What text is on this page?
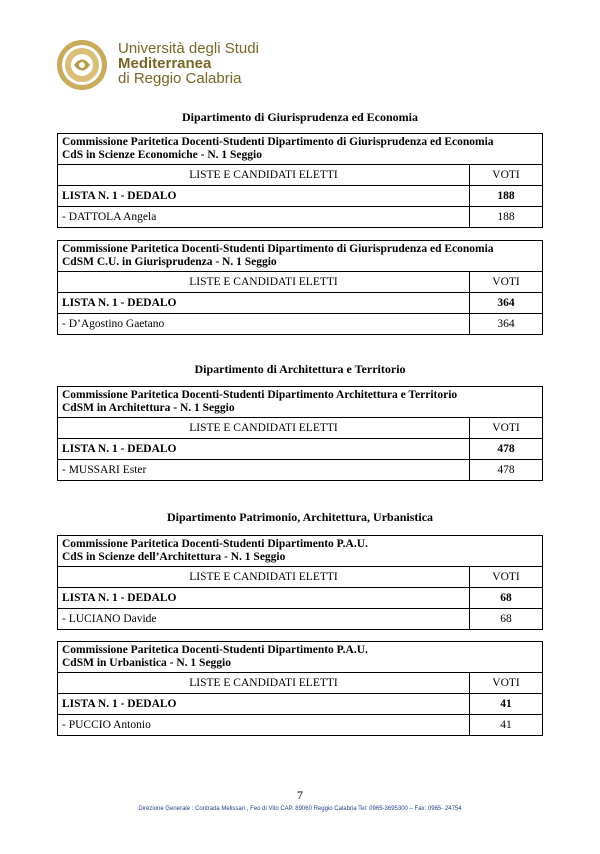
Università degli Studi
Mediterranea
di Reggio Calabria
Dipartimento di Giurisprudenza ed Economia
Commissione Paritetica Docenti-Studenti Dipartimento di Giurisprudenza ed Economia
CdS in Scienze Economiche - N. 1 Seggio	

LISTE E CANDIDATI ELETTI	VOTI
LISTA N. 1 - DEDALO	188
- DATTOLA Angela	188
Commissione Paritetica Docenti-Studenti Dipartimento di Giurisprudenza ed Economia
CdSM C.U. in Giurisprudenza - N. 1 Seggio	

LISTE E CANDIDATI ELETTI	VOTI
LISTA N. 1 - DEDALO	364
- D’Agostino Gaetano	364
Dipartimento di Architettura e Territorio
Commissione Paritetica Docenti-Studenti Dipartimento Architettura e Territorio
CdSM in Architettura - N. 1 Seggio	

LISTE E CANDIDATI ELETTI	VOTI
LISTA N. 1 - DEDALO	478
- MUSSARI Ester	478
Dipartimento Patrimonio, Architettura, Urbanistica
Commissione Paritetica Docenti-Studenti Dipartimento P.A.U.
CdS in Scienze dell’Architettura - N. 1 Seggio	

LISTE E CANDIDATI ELETTI	VOTI
LISTA N. 1 - DEDALO	68
- LUCIANO Davide	68
Commissione Paritetica Docenti-Studenti Dipartimento P.A.U.
CdSM in Urbanistica - N. 1 Seggio	

LISTE E CANDIDATI ELETTI	VOTI
LISTA N. 1 - DEDALO	41
- PUCCIO Antonio	41
7
Direzione Generale : Contrada Melissari , Feo di Vito CAP. 89060 Reggio Calabria Tel: 0965-3695300 – Fax: 0965- 24754
